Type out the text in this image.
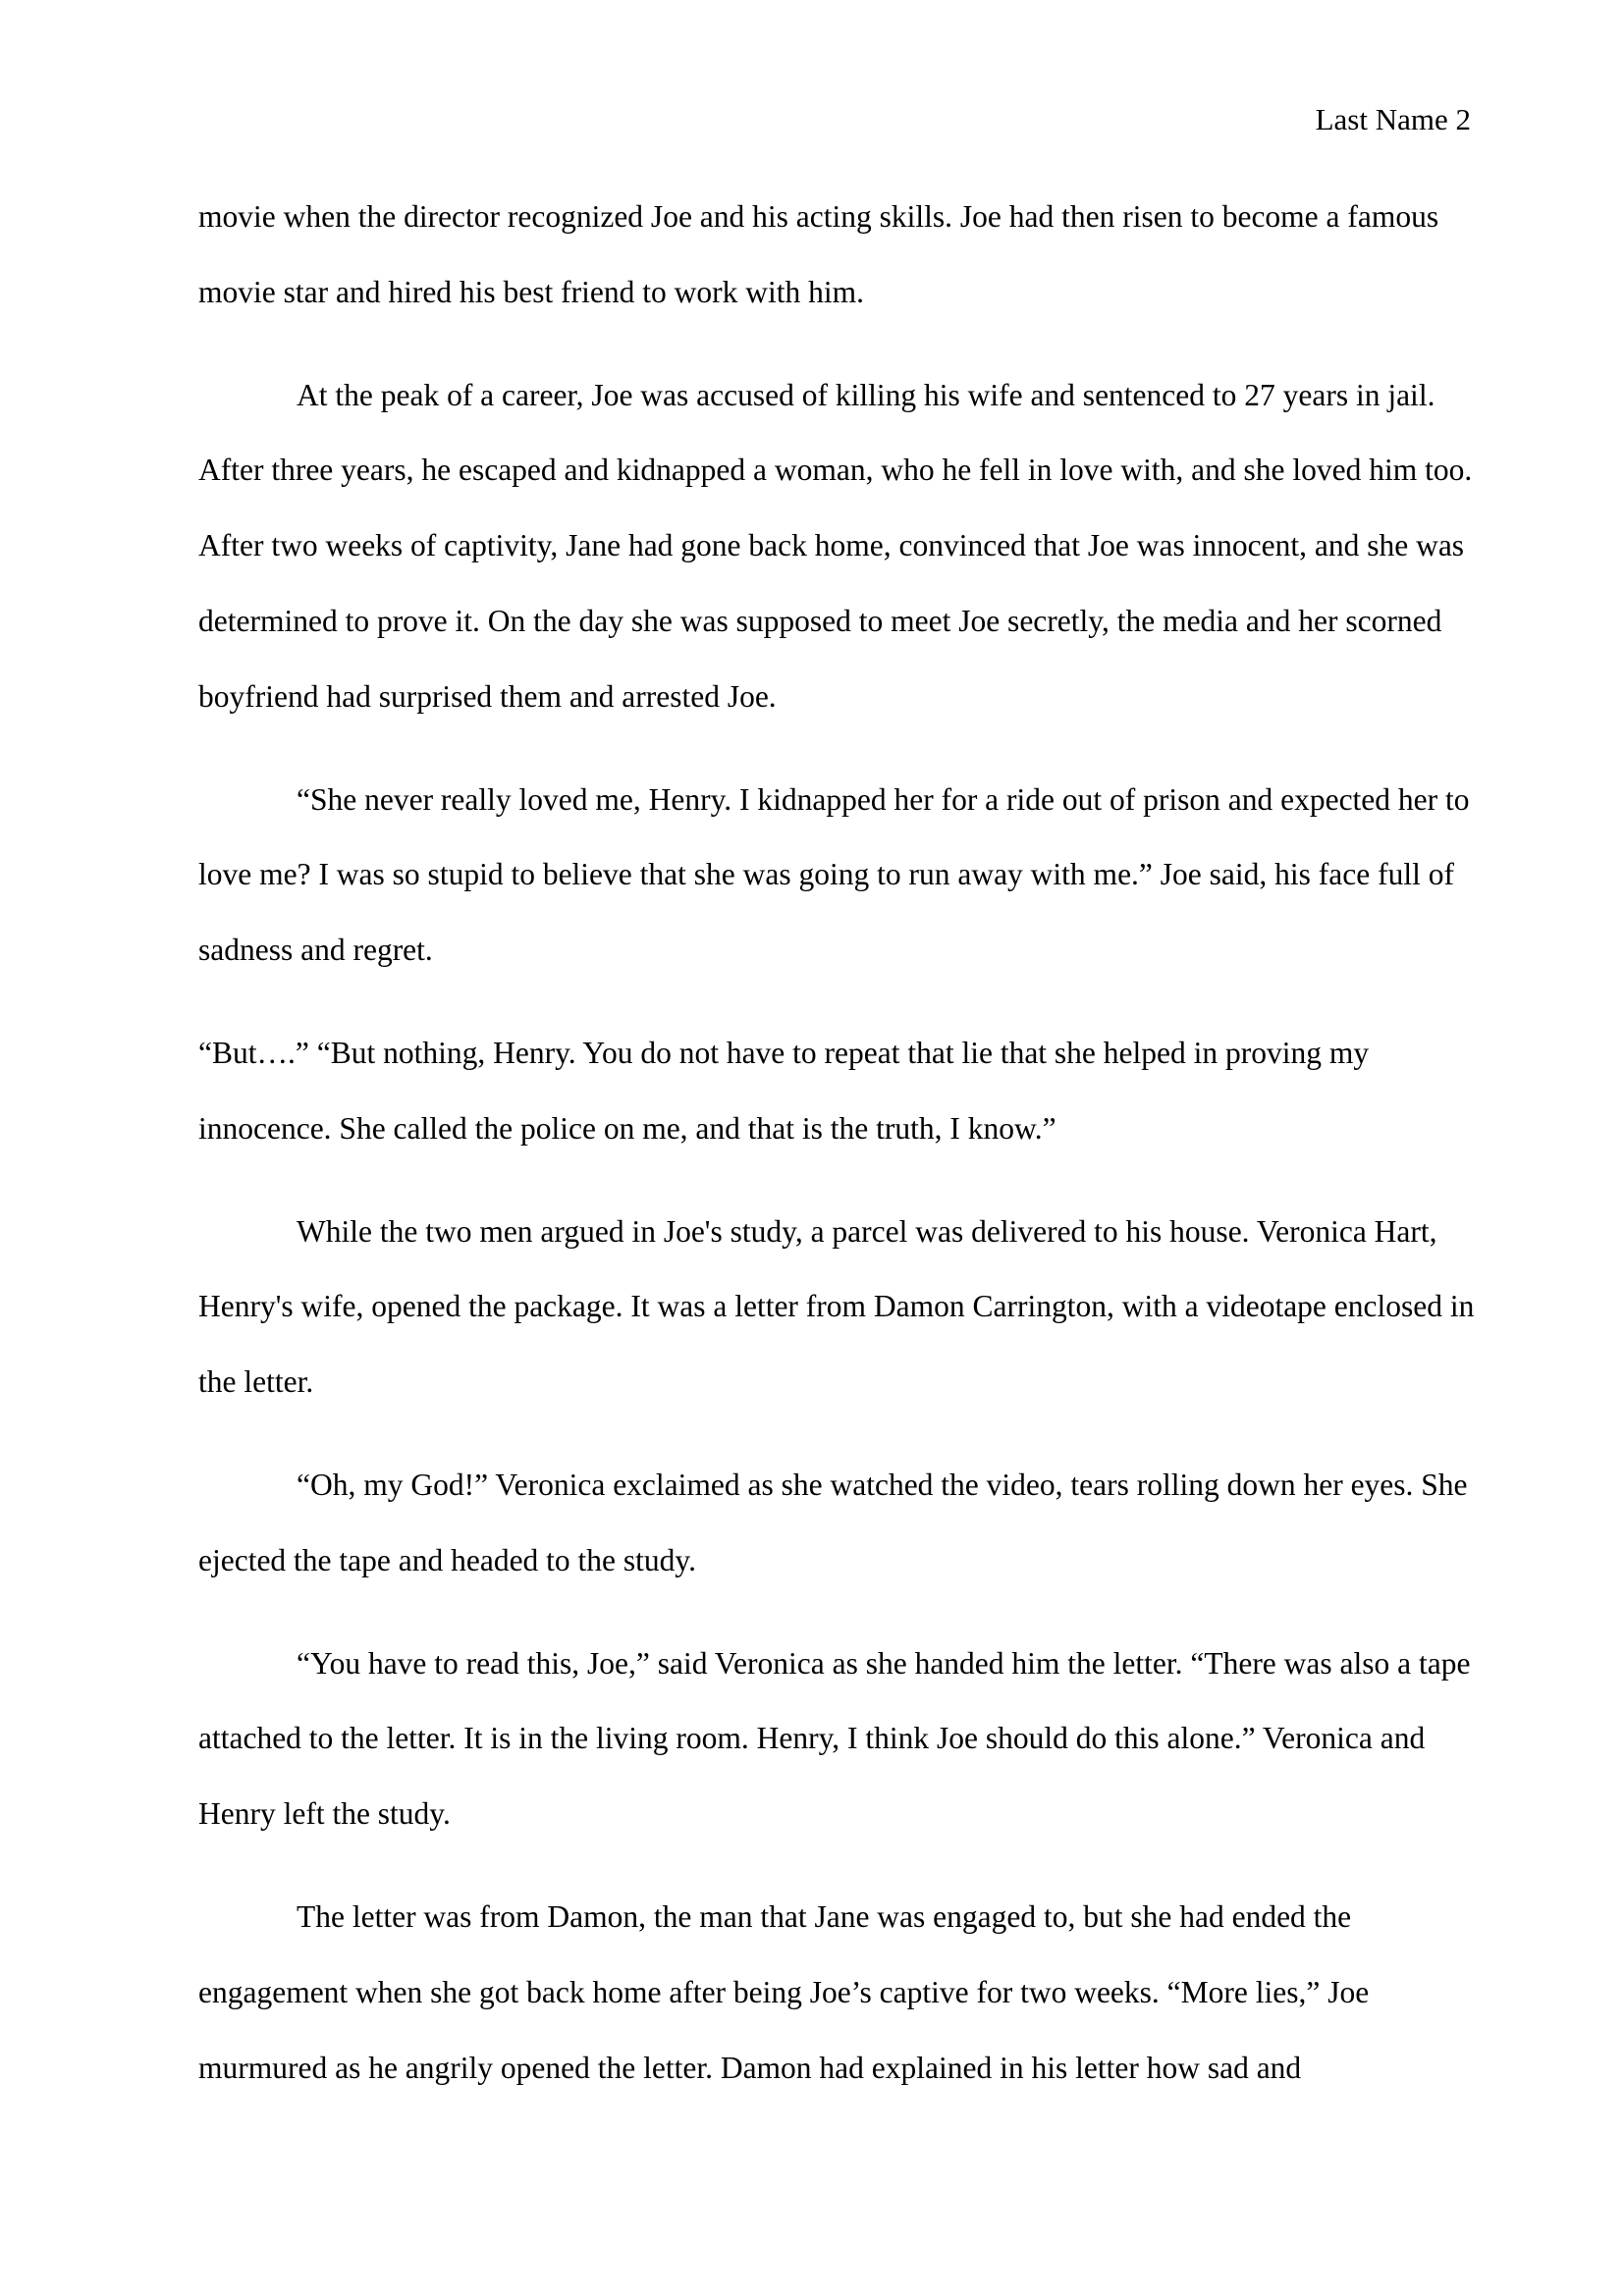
Last Name 2

movie when the director recognized Joe and his acting skills. Joe had then risen to become a famous movie star and hired his best friend to work with him.

At the peak of a career, Joe was accused of killing his wife and sentenced to 27 years in jail. After three years, he escaped and kidnapped a woman, who he fell in love with, and she loved him too. After two weeks of captivity, Jane had gone back home, convinced that Joe was innocent, and she was determined to prove it. On the day she was supposed to meet Joe secretly, the media and her scorned boyfriend had surprised them and arrested Joe.

“She never really loved me, Henry. I kidnapped her for a ride out of prison and expected her to love me? I was so stupid to believe that she was going to run away with me.” Joe said, his face full of sadness and regret.

“But….” “But nothing, Henry. You do not have to repeat that lie that she helped in proving my innocence. She called the police on me, and that is the truth, I know.”

While the two men argued in Joe's study, a parcel was delivered to his house. Veronica Hart, Henry's wife, opened the package. It was a letter from Damon Carrington, with a videotape enclosed in the letter.

“Oh, my God!” Veronica exclaimed as she watched the video, tears rolling down her eyes. She ejected the tape and headed to the study.

“You have to read this, Joe,” said Veronica as she handed him the letter. “There was also a tape attached to the letter. It is in the living room. Henry, I think Joe should do this alone.” Veronica and Henry left the study.

The letter was from Damon, the man that Jane was engaged to, but she had ended the engagement when she got back home after being Joe’s captive for two weeks. “More lies,” Joe murmured as he angrily opened the letter. Damon had explained in his letter how sad and
